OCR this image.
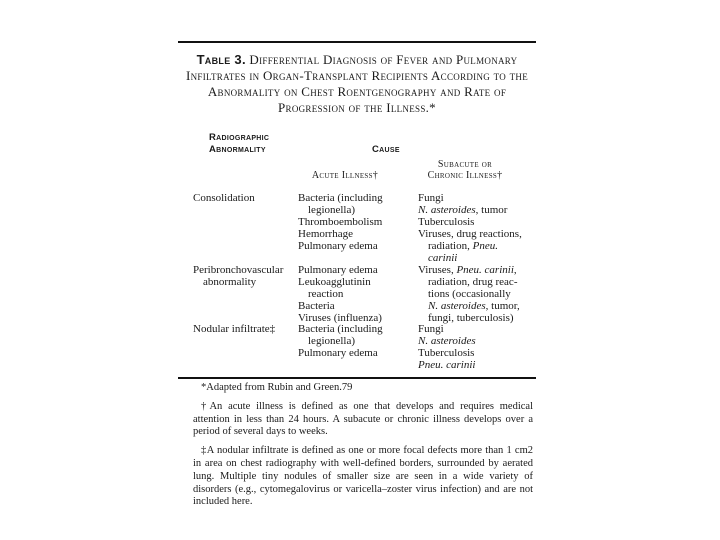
Table 3. Differential Diagnosis of Fever and Pulmonary Infiltrates in Organ-Transplant Recipients According to the Abnormality on Chest Roentgenography and Rate of Progression of the Illness.*
Radiographic
Abnormality	Cause
Acute Illness†
Subacute or
Chronic Illness†
Consolidation	Bacteria (including
legionella)
Thromboembolism
Hemorrhage
Pulmonary edema
Fungi
N. asteroides, tumor
Tuberculosis
Viruses, drug reactions,
radiation, Pneu.
carinii
Peribronchovascular
abnormality
Pulmonary edema
Leukoagglutinin
reaction
Bacteria
Viruses (influenza)
Viruses, Pneu. carinii,
radiation, drug reac-
tions (occasionally
N. asteroides, tumor,
fungi, tuberculosis)
Nodular infiltrate‡ Bacteria (including
legionella)
Pulmonary edema
Fungi
N. asteroides
Tuberculosis
Pneu. carinii

*Adapted from Rubin and Green.79

†An acute illness is defined as one that develops and requires medical attention in less than 24 hours. A subacute or chronic illness develops over a period of several days to weeks.

‡A nodular infiltrate is defined as one or more focal defects more than 1 cm2 in area on chest radiography with well-defined borders, surrounded by aerated lung. Multiple tiny nodules of smaller size are seen in a wide variety of disorders (e.g., cytomegalovirus or varicella–zoster virus infection) and are not included here.
